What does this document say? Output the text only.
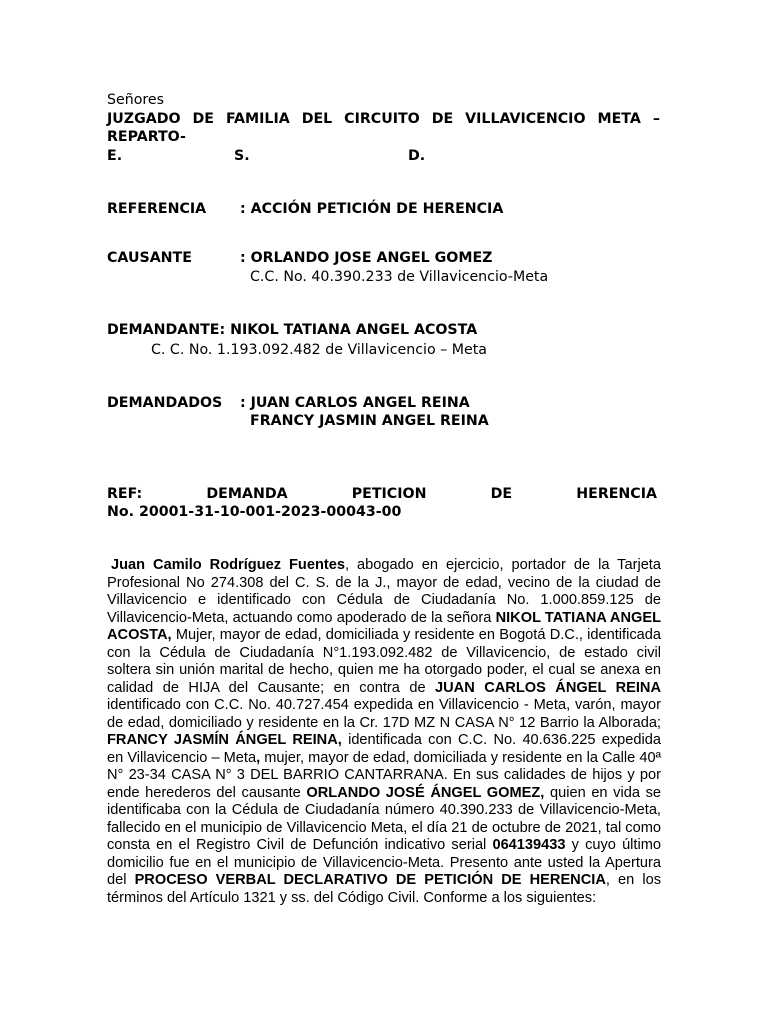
Señores
JUZGADO DE FAMILIA DEL CIRCUITO DE VILLAVICENCIO META –
REPARTO-
E.	S.	D.
REFERENCIA : ACCIÓN PETICIÓN DE HERENCIA
CAUSANTE	: ORLANDO JOSE ANGEL GOMEZ
C.C. No. 40.390.233 de Villavicencio-Meta
DEMANDANTE: NIKOL TATIANA ANGEL ACOSTA
C. C. No. 1.193.092.482 de Villavicencio – Meta
DEMANDADOS : JUAN CARLOS ANGEL REINA
FRANCY JASMIN ANGEL REINA
REF:	DEMANDA	PETICION	DE	HERENCIA
No. 20001-31-10-001-2023-00043-00

Juan Camilo Rodríguez Fuentes, abogado en ejercicio, portador de la Tarjeta Profesional No 274.308 del C. S. de la J., mayor de edad, vecino de la ciudad de Villavicencio e identificado con Cédula de Ciudadanía No. 1.000.859.125 de Villavicencio-Meta, actuando como apoderado de la señora NIKOL TATIANA ANGEL ACOSTA, Mujer, mayor de edad, domiciliada y residente en Bogotá D.C., identificada con la Cédula de Ciudadanía N°1.193.092.482 de Villavicencio, de estado civil soltera sin unión marital de hecho, quien me ha otorgado poder, el cual se anexa en calidad de HIJA del Causante; en contra de JUAN CARLOS ÁNGEL REINA identificado con C.C. No. 40.727.454 expedida en Villavicencio - Meta, varón, mayor de edad, domiciliado y residente en la Cr. 17D MZ N CASA N° 12 Barrio la Alborada; FRANCY JASMÍN ÁNGEL REINA, identificada con C.C. No. 40.636.225 expedida en Villavicencio – Meta, mujer, mayor de edad, domiciliada y residente en la Calle 40ª N° 23-34 CASA N° 3 DEL BARRIO CANTARRANA. En sus calidades de hijos y por ende herederos del causante ORLANDO JOSÉ ÁNGEL GOMEZ, quien en vida se identificaba con la Cédula de Ciudadanía número 40.390.233 de Villavicencio-Meta, fallecido en el municipio de Villavicencio Meta, el día 21 de octubre de 2021, tal como consta en el Registro Civil de Defunción indicativo serial 064139433 y cuyo último domicilio fue en el municipio de Villavicencio-Meta. Presento ante usted la Apertura del PROCESO VERBAL DECLARATIVO DE PETICIÓN DE HERENCIA, en los términos del Artículo 1321 y ss. del Código Civil. Conforme a los siguientes:
